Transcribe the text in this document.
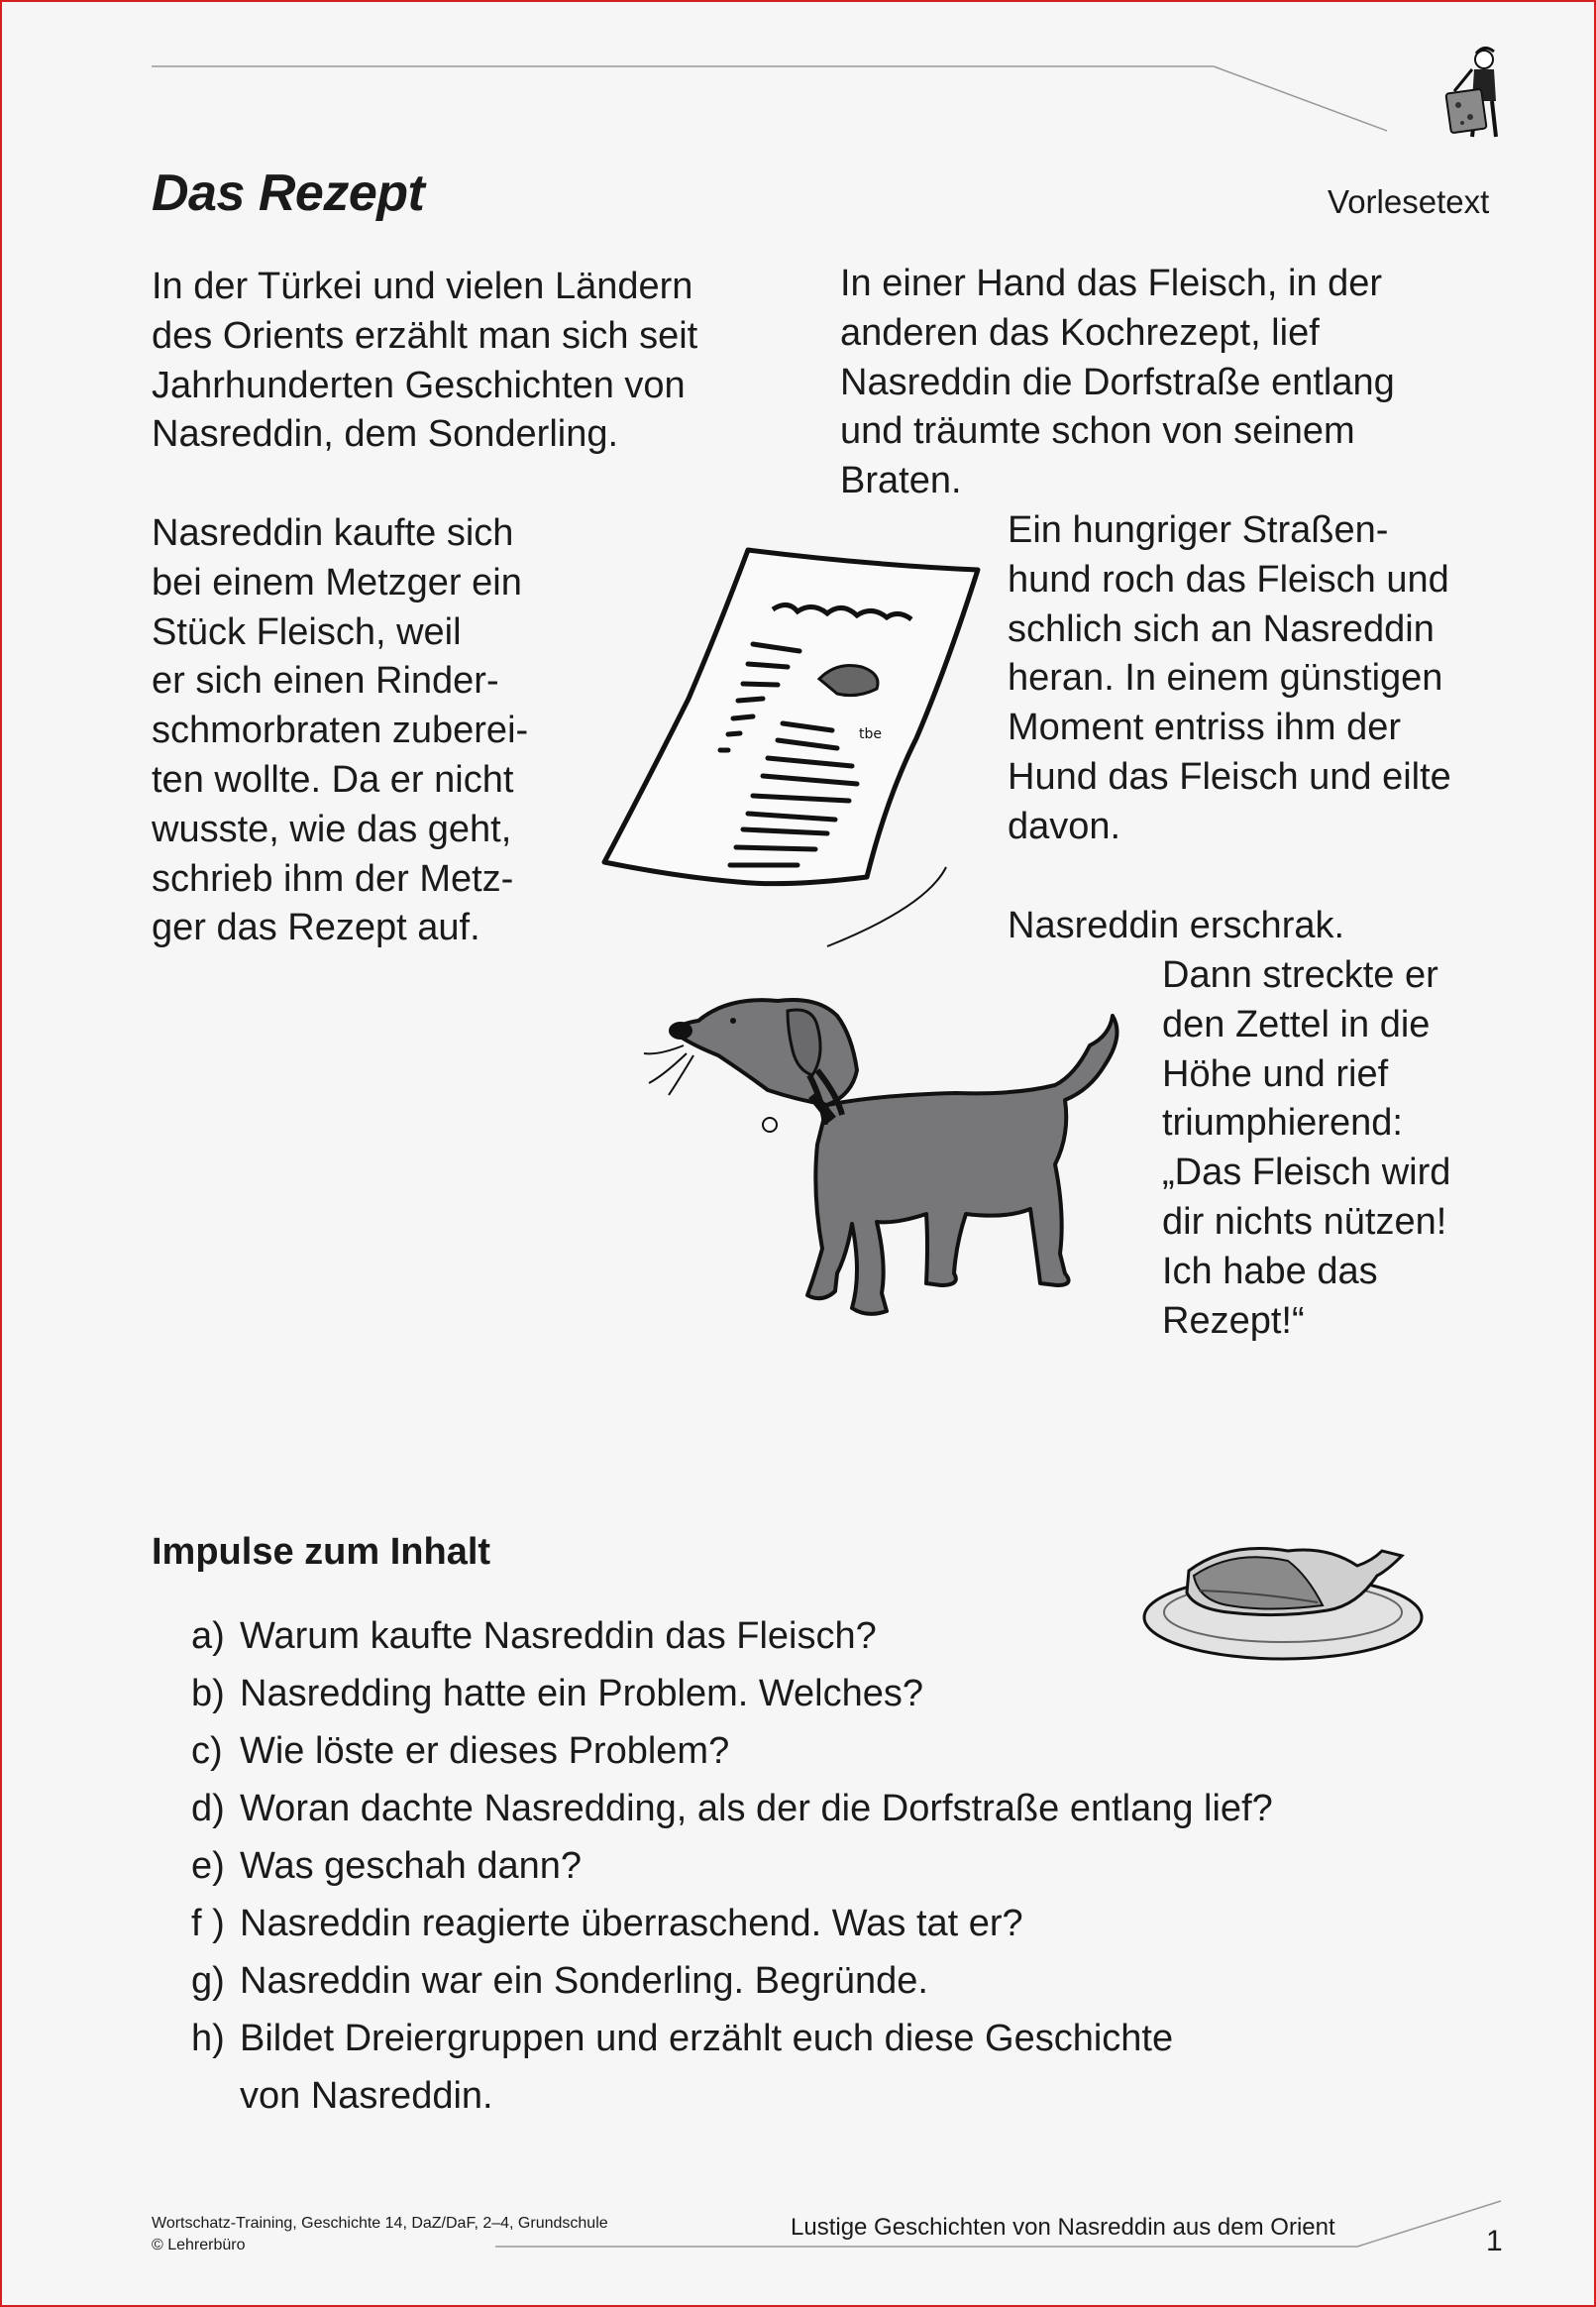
Das Rezept	Vorlesetext
In der Türkei und vielen Ländern
des Orients erzählt man sich seit
Jahrhunderten Geschichten von
Nasreddin, dem Sonderling.
Nasreddin kaufte sich
bei einem Metzger ein
Stück Fleisch, weil
er sich einen Rinder-
schmorbraten zuberei-
ten wollte. Da er nicht
wusste, wie das geht,
schrieb ihm der Metz-
ger das Rezept auf.
In einer Hand das Fleisch, in der
anderen das Kochrezept, lief
Nasreddin die Dorfstraße entlang
und träumte schon von seinem
Braten.
Ein hungriger Straßen-
hund roch das Fleisch und
schlich sich an Nasreddin
heran. In einem günstigen
Moment entriss ihm der
Hund das Fleisch und eilte
davon.
Nasreddin erschrak.
Dann streckte er
den Zettel in die
Höhe und rief
triumphierend:
„Das Fleisch wird
dir nichts nützen!
Ich habe das
Rezept!“
tbe
Impulse zum Inhalt
a) Warum kaufte Nasreddin das Fleisch?
b) Nasredding hatte ein Problem. Welches?
c) Wie löste er dieses Problem?
d) Woran dachte Nasredding, als der die Dorfstraße entlang lief?
e) Was geschah dann?
f ) Nasreddin reagierte überraschend. Was tat er?
g) Nasreddin war ein Sonderling. Begründe.
h) Bildet Dreiergruppen und erzählt euch diese Geschichte
von Nasreddin.
Wortschatz-Training, Geschichte 14, DaZ/DaF, 2–4, Grundschule
© Lehrerbüro
Lustige Geschichten von Nasreddin aus dem Orient	1
